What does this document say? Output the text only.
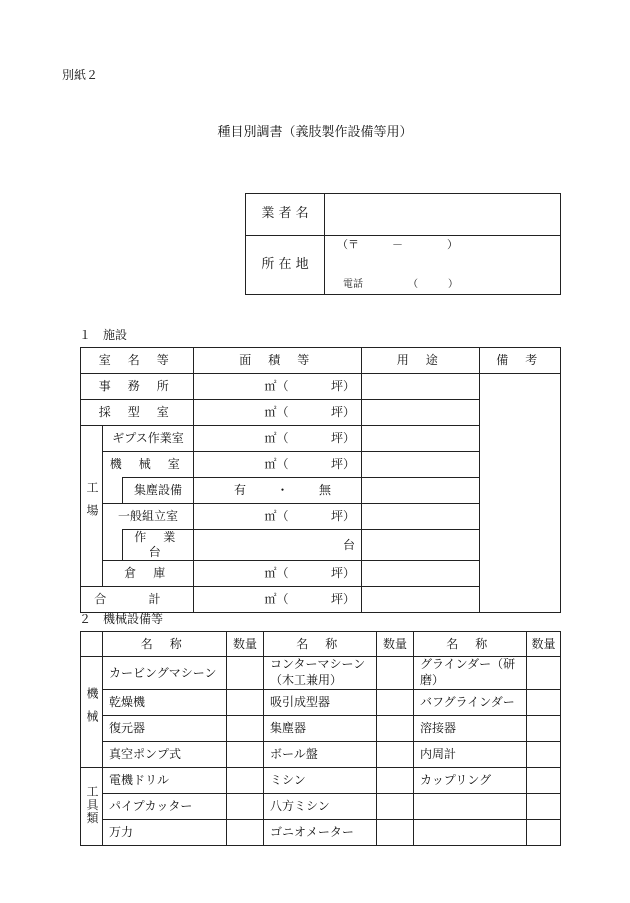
別紙２
種目別調書（義肢製作設備等用）
業 者 名	
所 在 地	（〒　　　－　　　　）
電話　　　　　（　　　）
１　施設
室 名 等			面 積 等		用 途	備 考
事 務 所			㎡（	坪）		
採 型 室			㎡（	坪）		
工場	ギプス作業室		㎡（	坪）		
	機 械 室		㎡（	坪）		
		集塵設備	有 ・ 無			

	一般組立室		㎡（	坪）		
		作 業 台		台		
	倉 庫		㎡（	坪）		
合 計			㎡（	坪）		
２　機械設備等
	名 称	数量	名 称	数量	名 称	数量
機械	カービングマシーン		コンターマシーン（木工兼用）		グラインダー（研磨）	
	乾燥機		吸引成型器		バフグラインダー	
	復元器		集塵器		溶接器	
	真空ポンプ式		ボール盤		内周計	
工具類	電機ドリル		ミシン		カップリング	
	パイプカッター		八方ミシン			
	万力		ゴニオメーター			
